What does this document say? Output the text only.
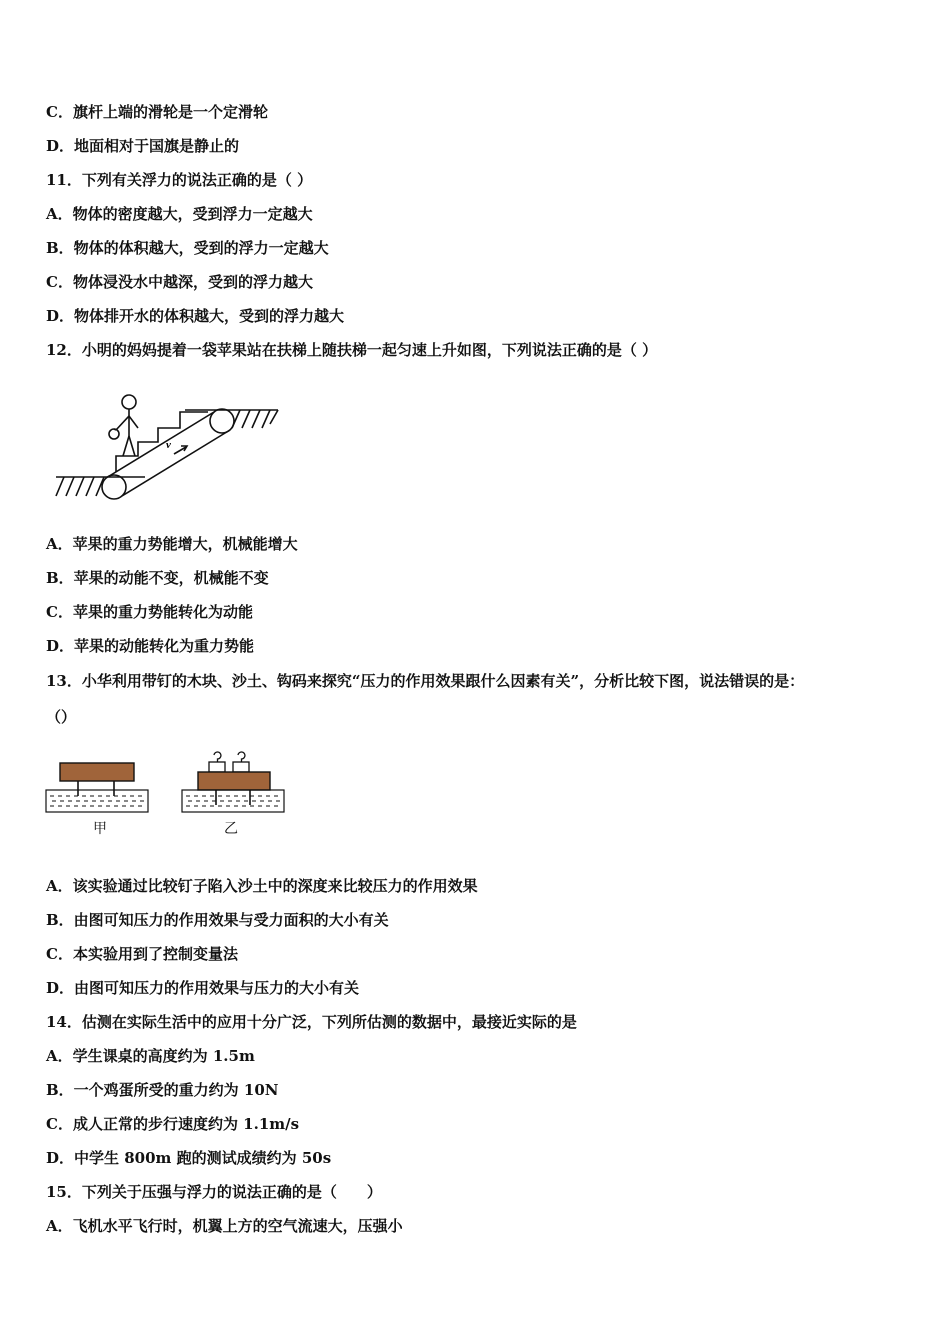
C．旗杆上端的滑轮是一个定滑轮
D．地面相对于国旗是静止的
11．下列有关浮力的说法正确的是（ ）
A．物体的密度越大，受到浮力一定越大
B．物体的体积越大，受到的浮力一定越大
C．物体浸没水中越深，受到的浮力越大
D．物体排开水的体积越大，受到的浮力越大
12．小明的妈妈提着一袋苹果站在扶梯上随扶梯一起匀速上升如图，下列说法正确的是（ ）
v
A．苹果的重力势能增大，机械能增大
B．苹果的动能不变，机械能不变
C．苹果的重力势能转化为动能
D．苹果的动能转化为重力势能
13．小华利用带钉的木块、沙土、钩码来探究“压力的作用效果跟什么因素有关”，分析比较下图，说法错误的是：
（）
甲	乙
A．该实验通过比较钉子陷入沙土中的深度来比较压力的作用效果
B．由图可知压力的作用效果与受力面积的大小有关
C．本实验用到了控制变量法
D．由图可知压力的作用效果与压力的大小有关
14．估测在实际生活中的应用十分广泛，下列所估测的数据中，最接近实际的是
A．学生课桌的高度约为 1.5m
B．一个鸡蛋所受的重力约为 10N
C．成人正常的步行速度约为 1.1m/s
D．中学生 800m 跑的测试成绩约为 50s
15．下列关于压强与浮力的说法正确的是（　　）
A．飞机水平飞行时，机翼上方的空气流速大，压强小
